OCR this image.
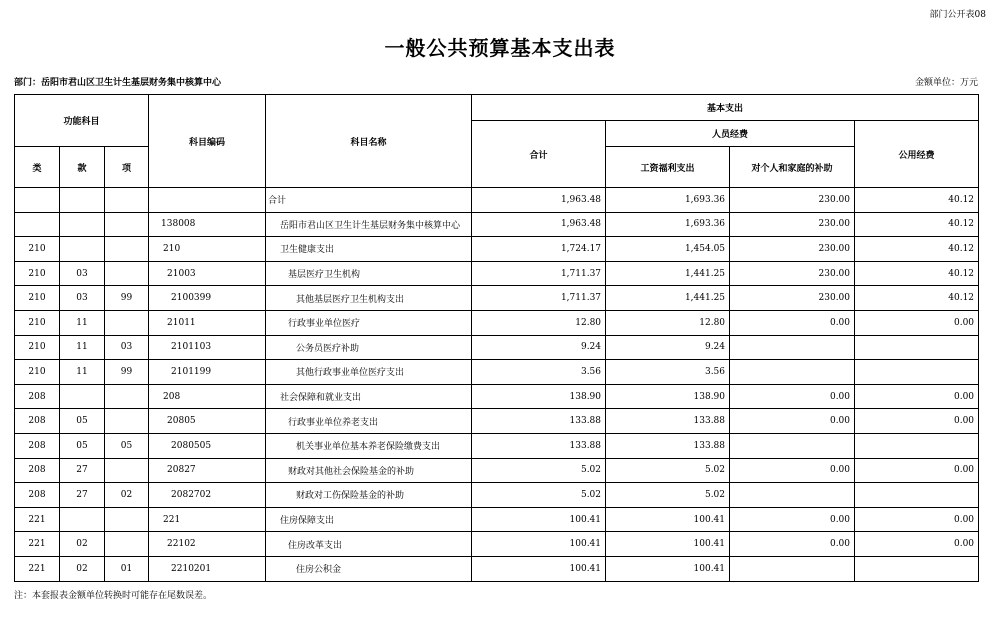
部门公开表08
一般公共预算基本支出表
部门：岳阳市君山区卫生计生基层财务集中核算中心	金额单位：万元
功能科目			科目编码	科目名称	基本支出			
					合计	人员经费		公用经费
类	款	项				工资福利支出	对个人和家庭的补助	
				合计	1,963.48	1,693.36	230.00	40.12
			138008	岳阳市君山区卫生计生基层财务集中核算中心	1,963.48	1,693.36	230.00	40.12
210			210	卫生健康支出	1,724.17	1,454.05	230.00	40.12
210	03		21003	基层医疗卫生机构	1,711.37	1,441.25	230.00	40.12
210	03	99	2100399	其他基层医疗卫生机构支出	1,711.37	1,441.25	230.00	40.12
210	11		21011	行政事业单位医疗	12.80	12.80	0.00	0.00
210	11	03	2101103	公务员医疗补助	9.24	9.24		
210	11	99	2101199	其他行政事业单位医疗支出	3.56	3.56		
208			208	社会保障和就业支出	138.90	138.90	0.00	0.00
208	05		20805	行政事业单位养老支出	133.88	133.88	0.00	0.00
208	05	05	2080505	机关事业单位基本养老保险缴费支出	133.88	133.88		
208	27		20827	财政对其他社会保险基金的补助	5.02	5.02	0.00	0.00
208	27	02	2082702	财政对工伤保险基金的补助	5.02	5.02		
221			221	住房保障支出	100.41	100.41	0.00	0.00
221	02		22102	住房改革支出	100.41	100.41	0.00	0.00
221	02	01	2210201	住房公积金	100.41	100.41		
注：本套报表金额单位转换时可能存在尾数误差。
